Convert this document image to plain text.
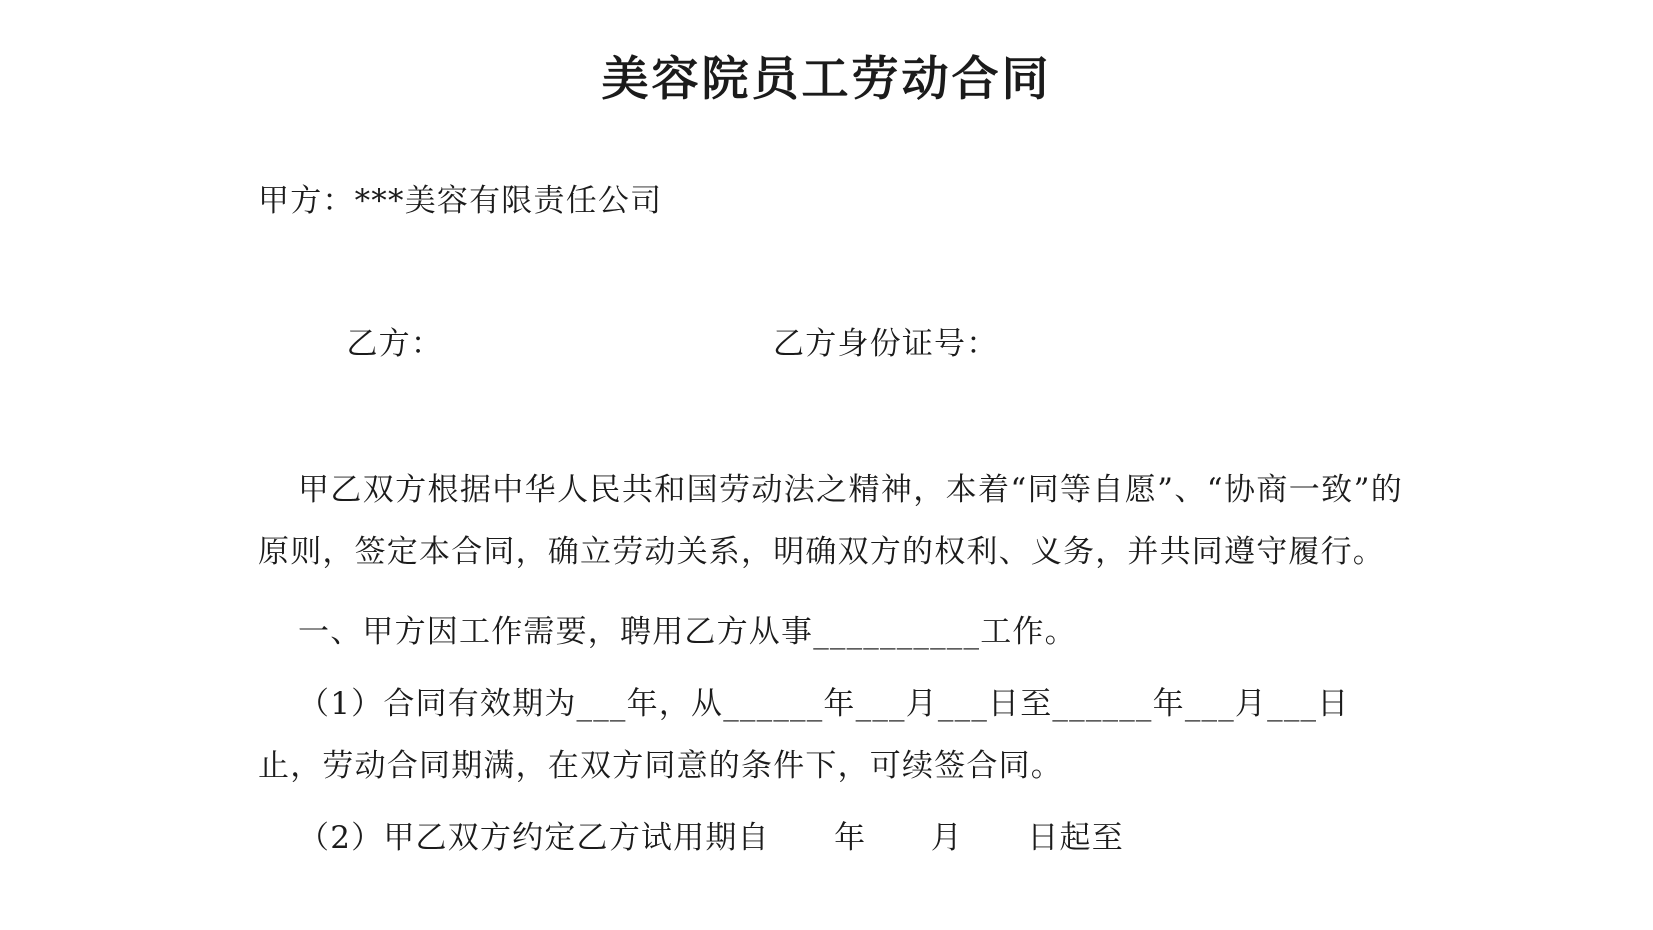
美容院员工劳动合同

甲方：***美容有限责任公司

乙方：	乙方身份证号：

甲乙双方根据中华人民共和国劳动法之精神，本着“同等自愿”、“协商一致”的原则，签定本合同，确立劳动关系，明确双方的权利、义务，并共同遵守履行。

一、甲方因工作需要，聘用乙方从事__________工作。

（1）合同有效期为___年，从______年___月___日至______年___月___日止，劳动合同期满，在双方同意的条件下，可续签合同。

（2）甲乙双方约定乙方试用期自　　年　　月　　日起至
